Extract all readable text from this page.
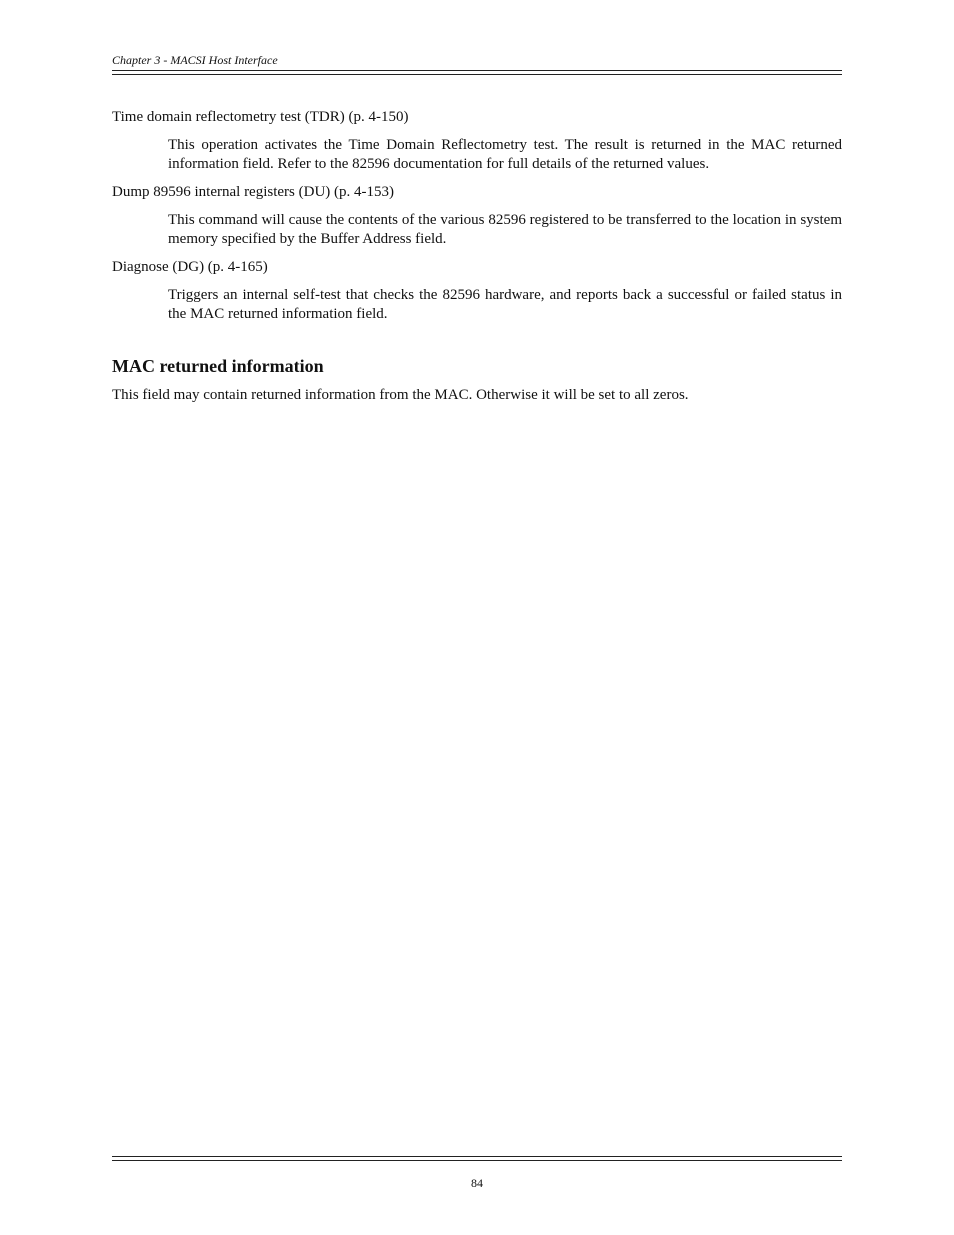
Chapter 3 - MACSI Host Interface
Time domain reflectometry test (TDR) (p. 4-150)
This operation activates the Time Domain Reflectometry test. The result is returned in the MAC returned information field. Refer to the 82596 documentation for full details of the returned values.
Dump 89596 internal registers (DU) (p. 4-153)
This command will cause the contents of the various 82596 registered to be transferred to the location in system memory specified by the Buffer Address field.
Diagnose (DG) (p. 4-165)
Triggers an internal self-test that checks the 82596 hardware, and reports back a successful or failed status in the MAC returned information field.
MAC returned information
This field may contain returned information from the MAC. Otherwise it will be set to all zeros.
84
